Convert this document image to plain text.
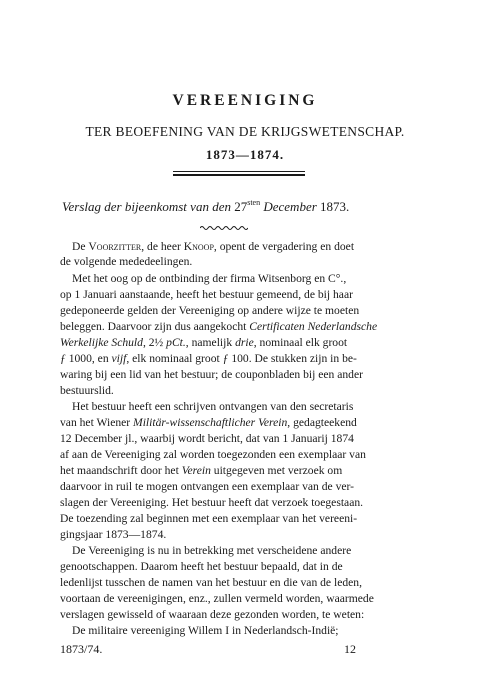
VEREENIGING
TER BEOEFENING VAN DE KRIJGSWETENSCHAP.
1873—1874.
Verslag der bijeenkomst van den $27^{sten}$ December 1873.
De Voorzitter, de heer Knoop, opent de vergadering en doet
de volgende mededeelingen.
Met het oog op de ontbinding der firma Witsenborg en C°.,
op 1 Januari aanstaande, heeft het bestuur gemeend, de bij haar
gedeponeerde gelden der Vereeniging op andere wijze te moeten
beleggen. Daarvoor zijn dus aangekocht Certificaten Nederlandsche
Werkelijke Schuld, 2½ pCt., namelijk drie, nominaal elk groot
ƒ 1000, en vijf, elk nominaal groot ƒ 100. De stukken zijn in be-
waring bij een lid van het bestuur; de couponbladen bij een ander
bestuurslid.
Het bestuur heeft een schrijven ontvangen van den secretaris
van het Wiener Militär-wissenschaftlicher Verein, gedagteekend
12 December jl., waarbij wordt bericht, dat van 1 Januarij 1874
af aan de Vereeniging zal worden toegezonden een exemplaar van
het maandschrift door het Verein uitgegeven met verzoek om
daarvoor in ruil te mogen ontvangen een exemplaar van de ver-
slagen der Vereeniging. Het bestuur heeft dat verzoek toegestaan.
De toezending zal beginnen met een exemplaar van het vereeni-
gingsjaar 1873—1874.
De Vereeniging is nu in betrekking met verscheidene andere
genootschappen. Daarom heeft het bestuur bepaald, dat in de
ledenlijst tusschen de namen van het bestuur en die van de leden,
voortaan de vereenigingen, enz., zullen vermeld worden, waarmede
verslagen gewisseld of waaraan deze gezonden worden, te weten:
De militaire vereeniging Willem I in Nederlandsch-Indië;
1873/74.	12
